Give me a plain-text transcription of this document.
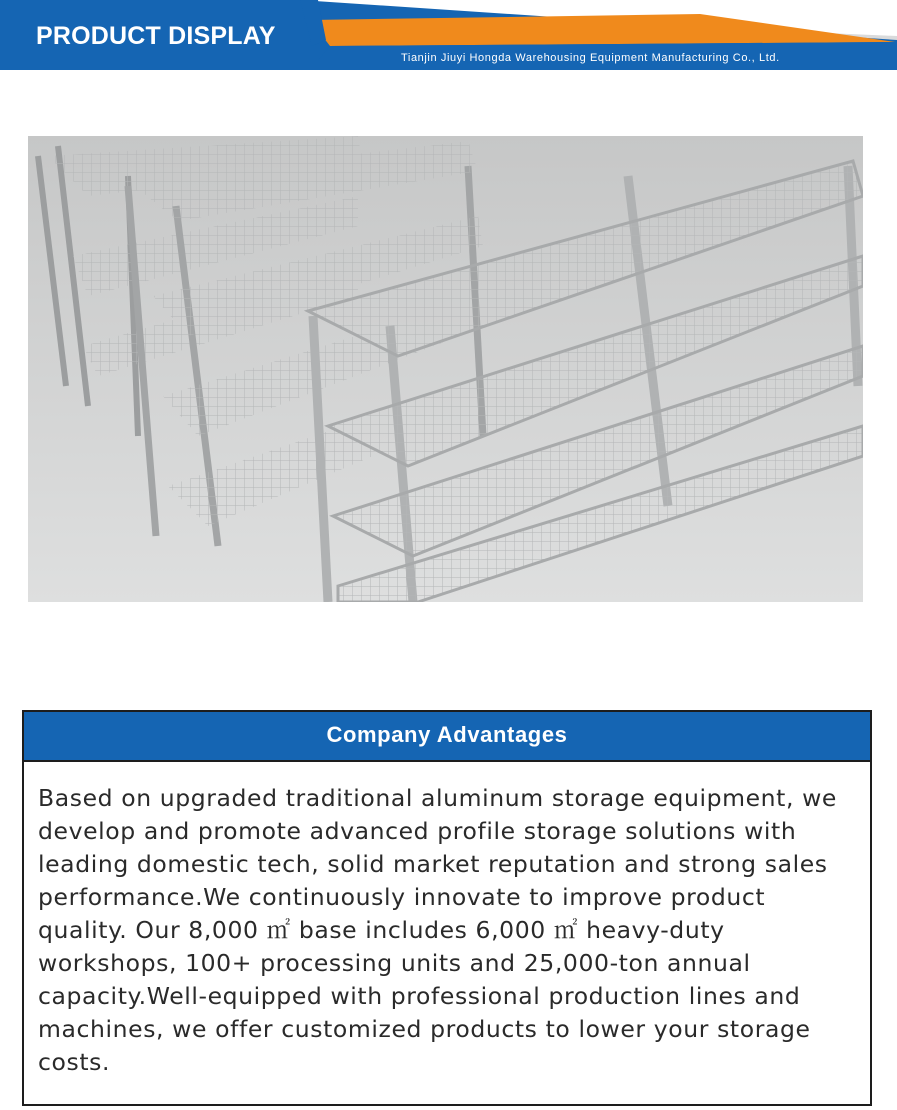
PRODUCT DISPLAY
Tianjin Jiuyi Hongda Warehousing Equipment Manufacturing Co., Ltd.
Company Advantages
Based on upgraded traditional aluminum storage equipment, we develop and promote advanced profile storage solutions with leading domestic tech, solid market reputation and strong sales performance.We continuously innovate to improve product quality. Our 8,000 ㎡ base includes 6,000 ㎡ heavy-duty workshops, 100+ processing units and 25,000-ton annual capacity.Well-equipped with professional production lines and machines, we offer customized products to lower your storage costs.
